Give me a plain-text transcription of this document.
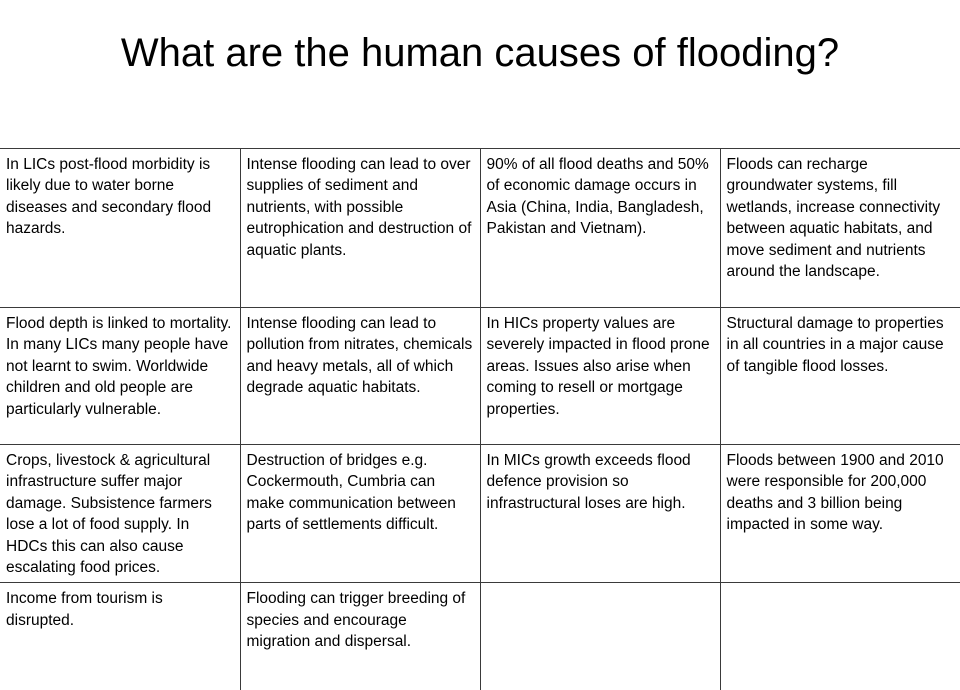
What are the human causes of flooding?
In LICs post-flood morbidity is likely due to water borne diseases and secondary flood hazards.	Intense flooding can lead to over supplies of sediment and nutrients, with possible eutrophication and destruction of aquatic plants.	90% of all flood deaths and 50% of economic damage occurs in Asia (China, India, Bangladesh, Pakistan and Vietnam).	Floods can recharge groundwater systems, fill wetlands, increase connectivity between aquatic habitats, and move sediment and nutrients around the landscape.
Flood depth is linked to mortality. In many LICs many people have not learnt to swim. Worldwide children and old people are particularly vulnerable.	Intense flooding can lead to pollution from nitrates, chemicals and heavy metals, all of which degrade aquatic habitats.	In HICs property values are severely impacted in flood prone areas. Issues also arise when coming to resell or mortgage properties.	Structural damage to properties in all countries in a major cause of tangible flood losses.
Crops, livestock & agricultural infrastructure suffer major damage. Subsistence farmers lose a lot of food supply. In HDCs this can also cause escalating food prices.	Destruction of bridges e.g. Cockermouth, Cumbria can make communication between parts of settlements difficult.	In MICs growth exceeds flood defence provision so infrastructural loses are high.	Floods between 1900 and 2010 were responsible for 200,000 deaths and 3 billion being impacted in some way.
Income from tourism is disrupted.	Flooding can trigger breeding of species and encourage migration and dispersal.		
